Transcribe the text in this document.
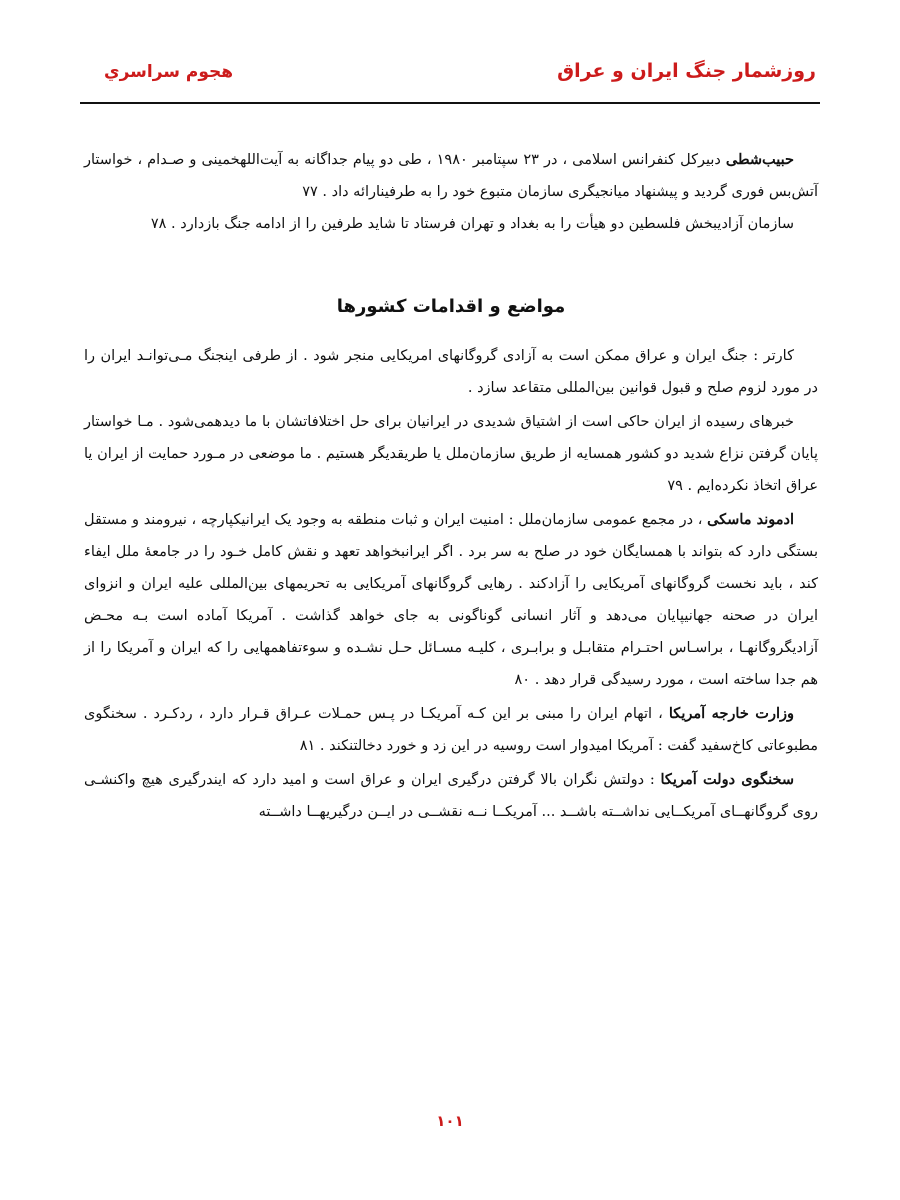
روزشمار جنگ ایران و عراق
هجوم سراسري

حبیب‌شطی دبیرکل کنفرانس اسلامی ، در ۲۳ سپتامبر ۱۹۸۰ ، طی دو پیام جداگانه به آیت‌اللهخمینی و صـدام ، خواستار آتش‌بس فوری گردید و پیشنهاد میانجیگری سازمان متبوع خود را به طرفینارائه داد . ۷۷

سازمان آزادیبخش فلسطین دو هیأت را به بغداد و تهران فرستاد تا شاید طرفین را از ادامه جنگ بازدارد . ۷۸

مواضع و اقدامات کشورها

کارتر : جنگ ایران و عراق ممکن است به آزادی گروگانهای امریکایی منجر شود . از طرفی اینجنگ مـی‌توانـد ایران را در مورد لزوم صلح و قبول قوانین بین‌المللی متقاعد سازد .

خبرهای رسیده از ایران حاکی است از اشتیاق شدیدی در ایرانیان برای حل اختلافاتشان با ما دیدهمی‌شود . مـا خواستار پایان گرفتن نزاع شدید دو کشور همسایه از طریق سازمان‌ملل یا طریقدیگر هستیم . ما موضعی در مـورد حمایت از ایران یا عراق اتخاذ نکرده‌ایم . ۷۹

ادموند ماسکی ، در مجمع عمومی سازمان‌ملل : امنیت ایران و ثبات منطقه به وجود یک ایرانیکپارچه ، نیرومند و مستقل بستگی دارد که بتواند با همسایگان خود در صلح به سر برد . اگر ایرانبخواهد تعهد و نقش کامل خـود را در جامعهٔ ملل ایفاء کند ، باید نخست گروگانهای آمریکایی را آزادکند . رهایی گروگانهای آمریکایی به تحریمهای بین‌المللی علیه ایران و انزوای ایران در صحنه جهانیپایان می‌دهد و آثار انسانی گوناگونی به جای خواهد گذاشت . آمریکا آماده است بـه محـض آزادیگروگانهـا ، براسـاس احتـرام متقابـل و برابـری ، کلیـه مسـائل حـل نشـده و سوءتفاهمهایی را که ایران و آمریکا را از هم جدا ساخته است ، مورد رسیدگی قرار دهد . ۸۰

وزارت خارجه آمریکا ، اتهام ایران را مبنی بر این کـه آمریکـا در پـس حمـلات عـراق قـرار دارد ، ردکـرد . سخنگوی مطبوعاتی کاخ‌سفید گفت : آمریکا امیدوار است روسیه در این زد و خورد دخالتنکند . ۸۱

سخنگوی دولت آمریکا : دولتش نگران بالا گرفتن درگیری ایران و عراق است و امید دارد که ایندرگیری هیچ واکنشـی روی گروگانهــای آمریکــایی نداشــته باشــد ... آمریکــا نــه نقشــی در ایــن درگیریهــا داشــته

۱۰۱
